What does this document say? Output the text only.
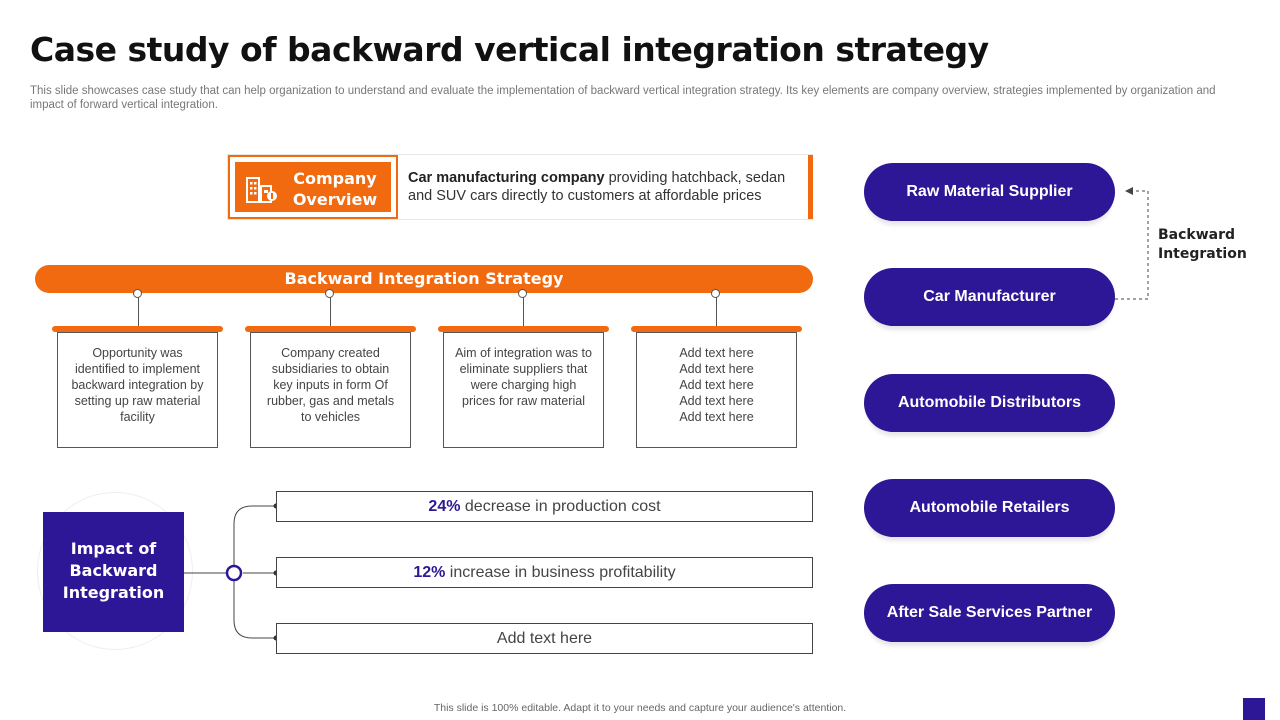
Case study of backward vertical integration strategy
This slide showcases case study that can help organization to understand and evaluate the implementation of backward vertical integration strategy. Its key elements are company overview, strategies implemented by organization and impact of forward vertical integration.
Company
Overview
Car manufacturing company providing hatchback, sedan and SUV cars directly to customers at affordable prices
Backward Integration Strategy
Opportunity was identified to implement backward integration by setting up raw material facility
Company created subsidiaries to obtain key inputs in form Of rubber, gas and metals to vehicles
Aim of integration was to eliminate suppliers that were charging high prices for raw material
Add text here
Add text here
Add text here
Add text here
Add text here
Impact of Backward Integration
24% decrease in production cost
12% increase in business profitability
Add text here
Raw Material Supplier
Car Manufacturer
Automobile Distributors
Automobile Retailers
After Sale Services Partner
Backward
Integration
This slide is 100% editable. Adapt it to your needs and capture your audience's attention.
